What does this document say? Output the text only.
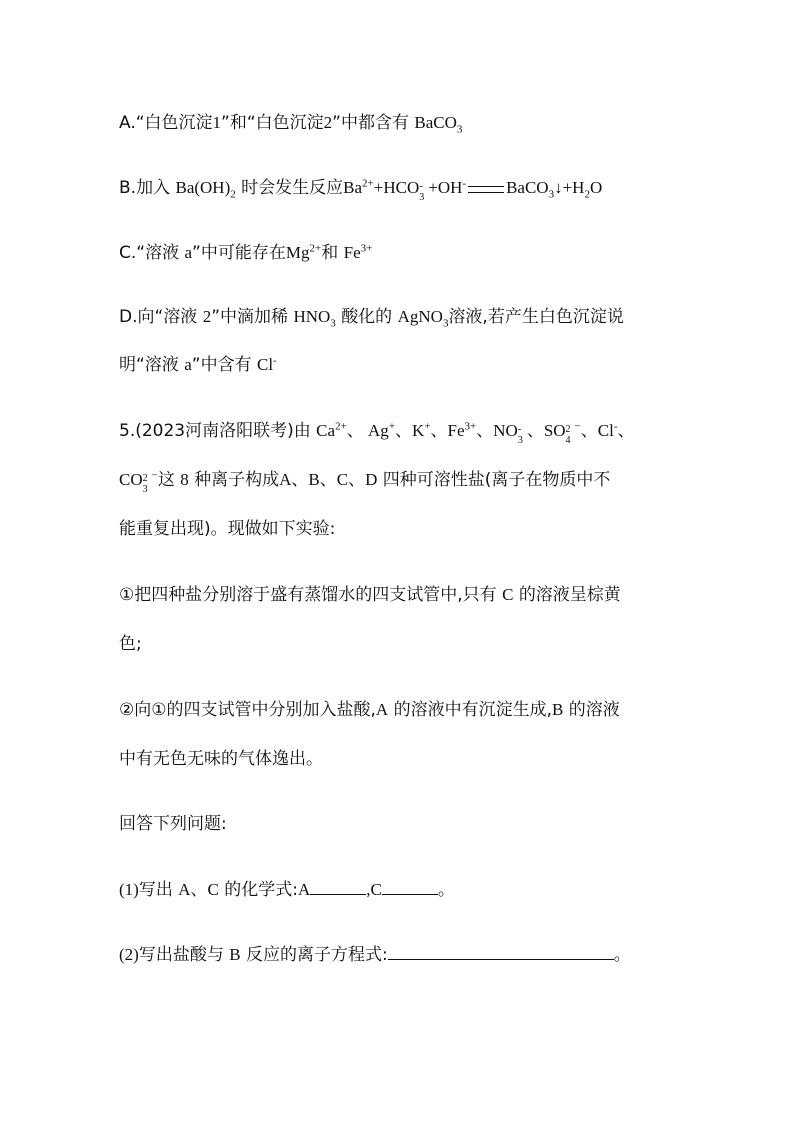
A.“白色沉淀1”和“白色沉淀2”中都含有 BaCO$_3$
B.加入 $Ba(OH)_2$ 时会发生反应$Ba^{2+}+HCO$ -
3
+OH- $BaCO_3↓+H_2O$
C.“溶液 a”中可能存在$Mg^{2+}$和 $Fe^{3+}$
D.向“溶液 2”中滴加稀 $HNO_3$ 酸化的 AgNO$_3$溶液,若产生白色沉淀说
明“溶液 a”中含有 Cl-
5.(2023河南洛阳联考)由 $Ca^{2+}$、 Ag+、K+、$Fe^{3+}$、NO -
3
、SO 2
4
−、Cl-、
CO 2
3
−这 8 种离子构成A、B、C、D 四种可溶性盐(离子在物质中不
能重复出现)。现做如下实验:
①把四种盐分别溶于盛有蒸馏水的四支试管中,只有 C 的溶液呈棕黄
色;
②向①的四支试管中分别加入盐酸,A 的溶液中有沉淀生成,B 的溶液
中有无色无味的气体逸出。
回答下列问题:
(1)写出 A、C 的化学式:A	,C	。
(2)写出盐酸与 B 反应的离子方程式:	。
